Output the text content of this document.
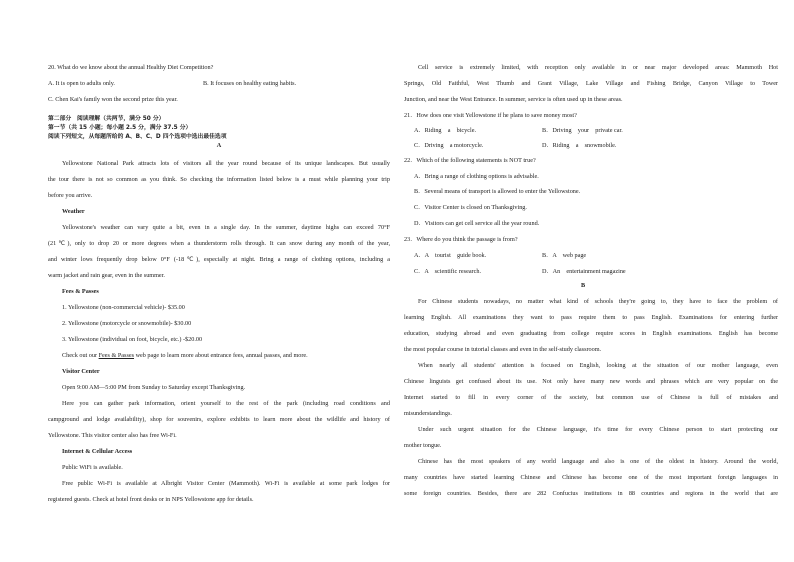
20. What do we know about the annual Healthy Diet Competition?
A. It is open to adults only.	B. It focuses on healthy eating habits.
C. Chen Kai's family won the second prize this year.
第二部分　阅读理解（共两节，满分 50 分）
第一节（共 15 小题；每小题 2.5 分，满分 37.5 分）
阅读下列短文，从每题所给的 A、B、C、D 四个选项中选出最佳选项
A
Yellowstone National Park attracts lots of visitors all the year round because of its unique landscapes. But usually
the tour there is not so common as you think. So checking the information listed below is a must while planning your trip
before you arrive.
Weather
Yellowstone's weather can vary quite a bit, even in a single day. In the summer, daytime highs can exceed 70°F
(21℃), only to drop 20 or more degrees when a thunderstorm rolls through. It can snow during any month of the year,
and winter lows frequently drop below 0°F (-18℃), especially at night. Bring a range of clothing options, including a
warm jacket and rain gear, even in the summer.
Fees & Passes
1. Yellowstone (non-commercial vehicle)- $35.00
2. Yellowstone (motorcycle or snowmobile)- $30.00
3. Yellowstone (individual on foot, bicycle, etc.) -$20.00
Check out our Fees & Passes web page to learn more about entrance fees, annual passes, and more.
Visitor Center
Open 9:00 AM—5:00 PM from Sunday to Saturday except Thanksgiving.
Here you can gather park information, orient yourself to the rest of the park (including road conditions and
campground and lodge availability), shop for souvenirs, explore exhibits to learn more about the wildlife and history of
Yellowstone. This visitor center also has free Wi-Fi.
Internet & Cellular Access
Public WiFi is available.
Free public Wi-Fi is available at Albright Visitor Center (Mammoth). Wi-Fi is available at some park lodges for
registered guests. Check at hotel front desks or in NPS Yellowstone app for details.
Cell service is extremely limited, with reception only available in or near major developed areas: Mammoth Hot
Springs, Old Faithful, West Thumb and Grant Village, Lake Village and Fishing Bridge, Canyon Village to Tower
Junction, and near the West Entrance. In summer, service is often used up in these areas.
21．How does one visit Yellowstone if he plans to save money most?
A．Riding　a　bicycle.	B．Driving　your　private car.
C．Driving　a motorcycle.	D．Riding　a　snowmobile.
22．Which of the following statements is NOT true?
A．Bring a range of clothing options is advisable.
B．Several means of transport is allowed to enter the Yellowstone.
C．Visitor Center is closed on Thanksgiving.
D．Visitors can get cell service all the year round.
23．Where do you think the passage is from?
A．A　tourist　guide book.	B．A　web page
C．A　scientific research.	D．An　entertainment magazine
B
For Chinese students nowadays, no matter what kind of schools they're going to, they have to face the problem of
learning English. All examinations they want to pass require them to pass English. Examinations for entering further
education, studying abroad and even graduating from college require scores in English examinations. English has become
the most popular course in tutorial classes and even in the self-study classroom.
When nearly all students' attention is focused on English, looking at the situation of our mother language, even
Chinese linguists get confused about its use. Not only have many new words and phrases which are very popular on the
Internet started to fill in every corner of the society, but common use of Chinese is full of mistakes and
misunderstandings.
Under such urgent situation for the Chinese language, it's time for every Chinese person to start protecting our
mother tongue.
Chinese has the most speakers of any world language and also is one of the oldest in history. Around the world,
many countries have started learning Chinese and Chinese has become one of the most important foreign languages in
some foreign countries. Besides, there are 282 Confucius institutions in 88 countries and regions in the world that are
